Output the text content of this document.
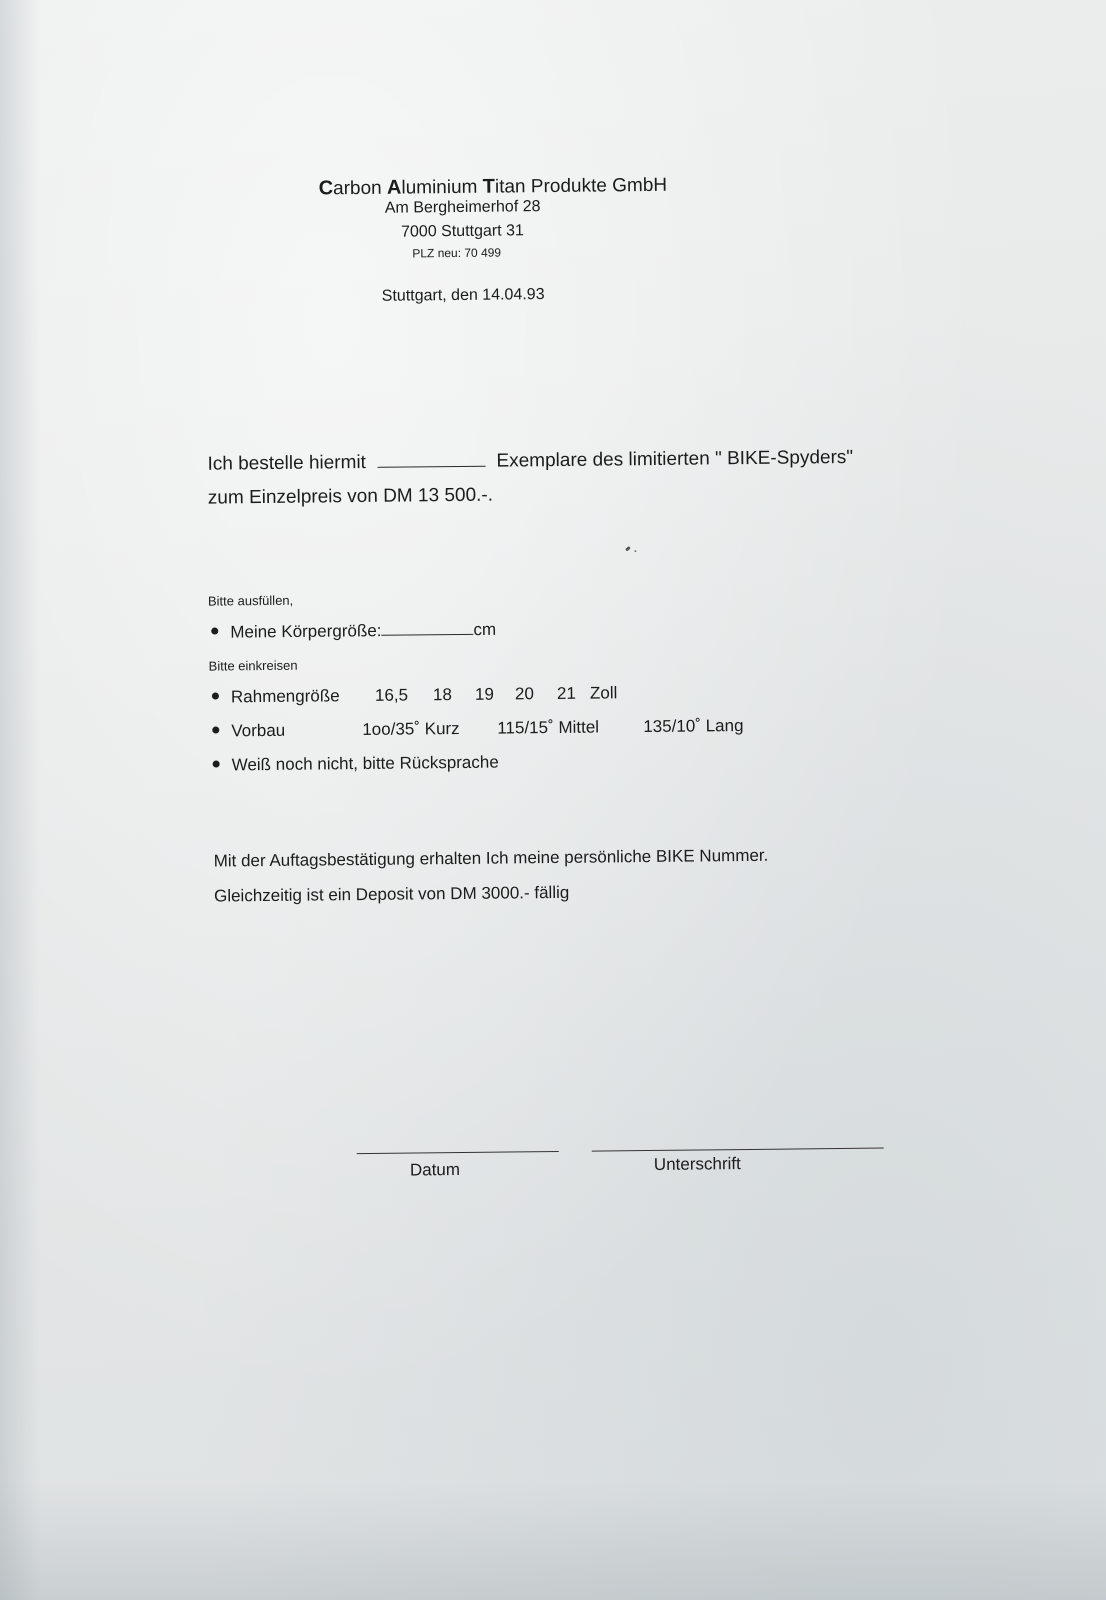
Carbon Aluminium Titan Produkte GmbH
Am Bergheimerhof 28
7000 Stuttgart 31
PLZ neu: 70 499
Stuttgart, den 14.04.93
Ich bestelle hiermit	Exemplare des limitierten " BIKE-Spyders"
zum Einzelpreis von DM 13 500.-.
Bitte ausfüllen,
Meine Körpergröße:	cm
Bitte einkreisen
Rahmengröße 16,5 18 19 20 21 Zoll
Vorbau	1oo/35˚ Kurz 115/15˚ Mittel	135/10˚ Lang
Weiß noch nicht, bitte Rücksprache
Mit der Auftagsbestätigung erhalten Ich meine persönliche BIKE Nummer.
Gleichzeitig ist ein Deposit von DM 3000.- fällig
Datum	Unterschrift
